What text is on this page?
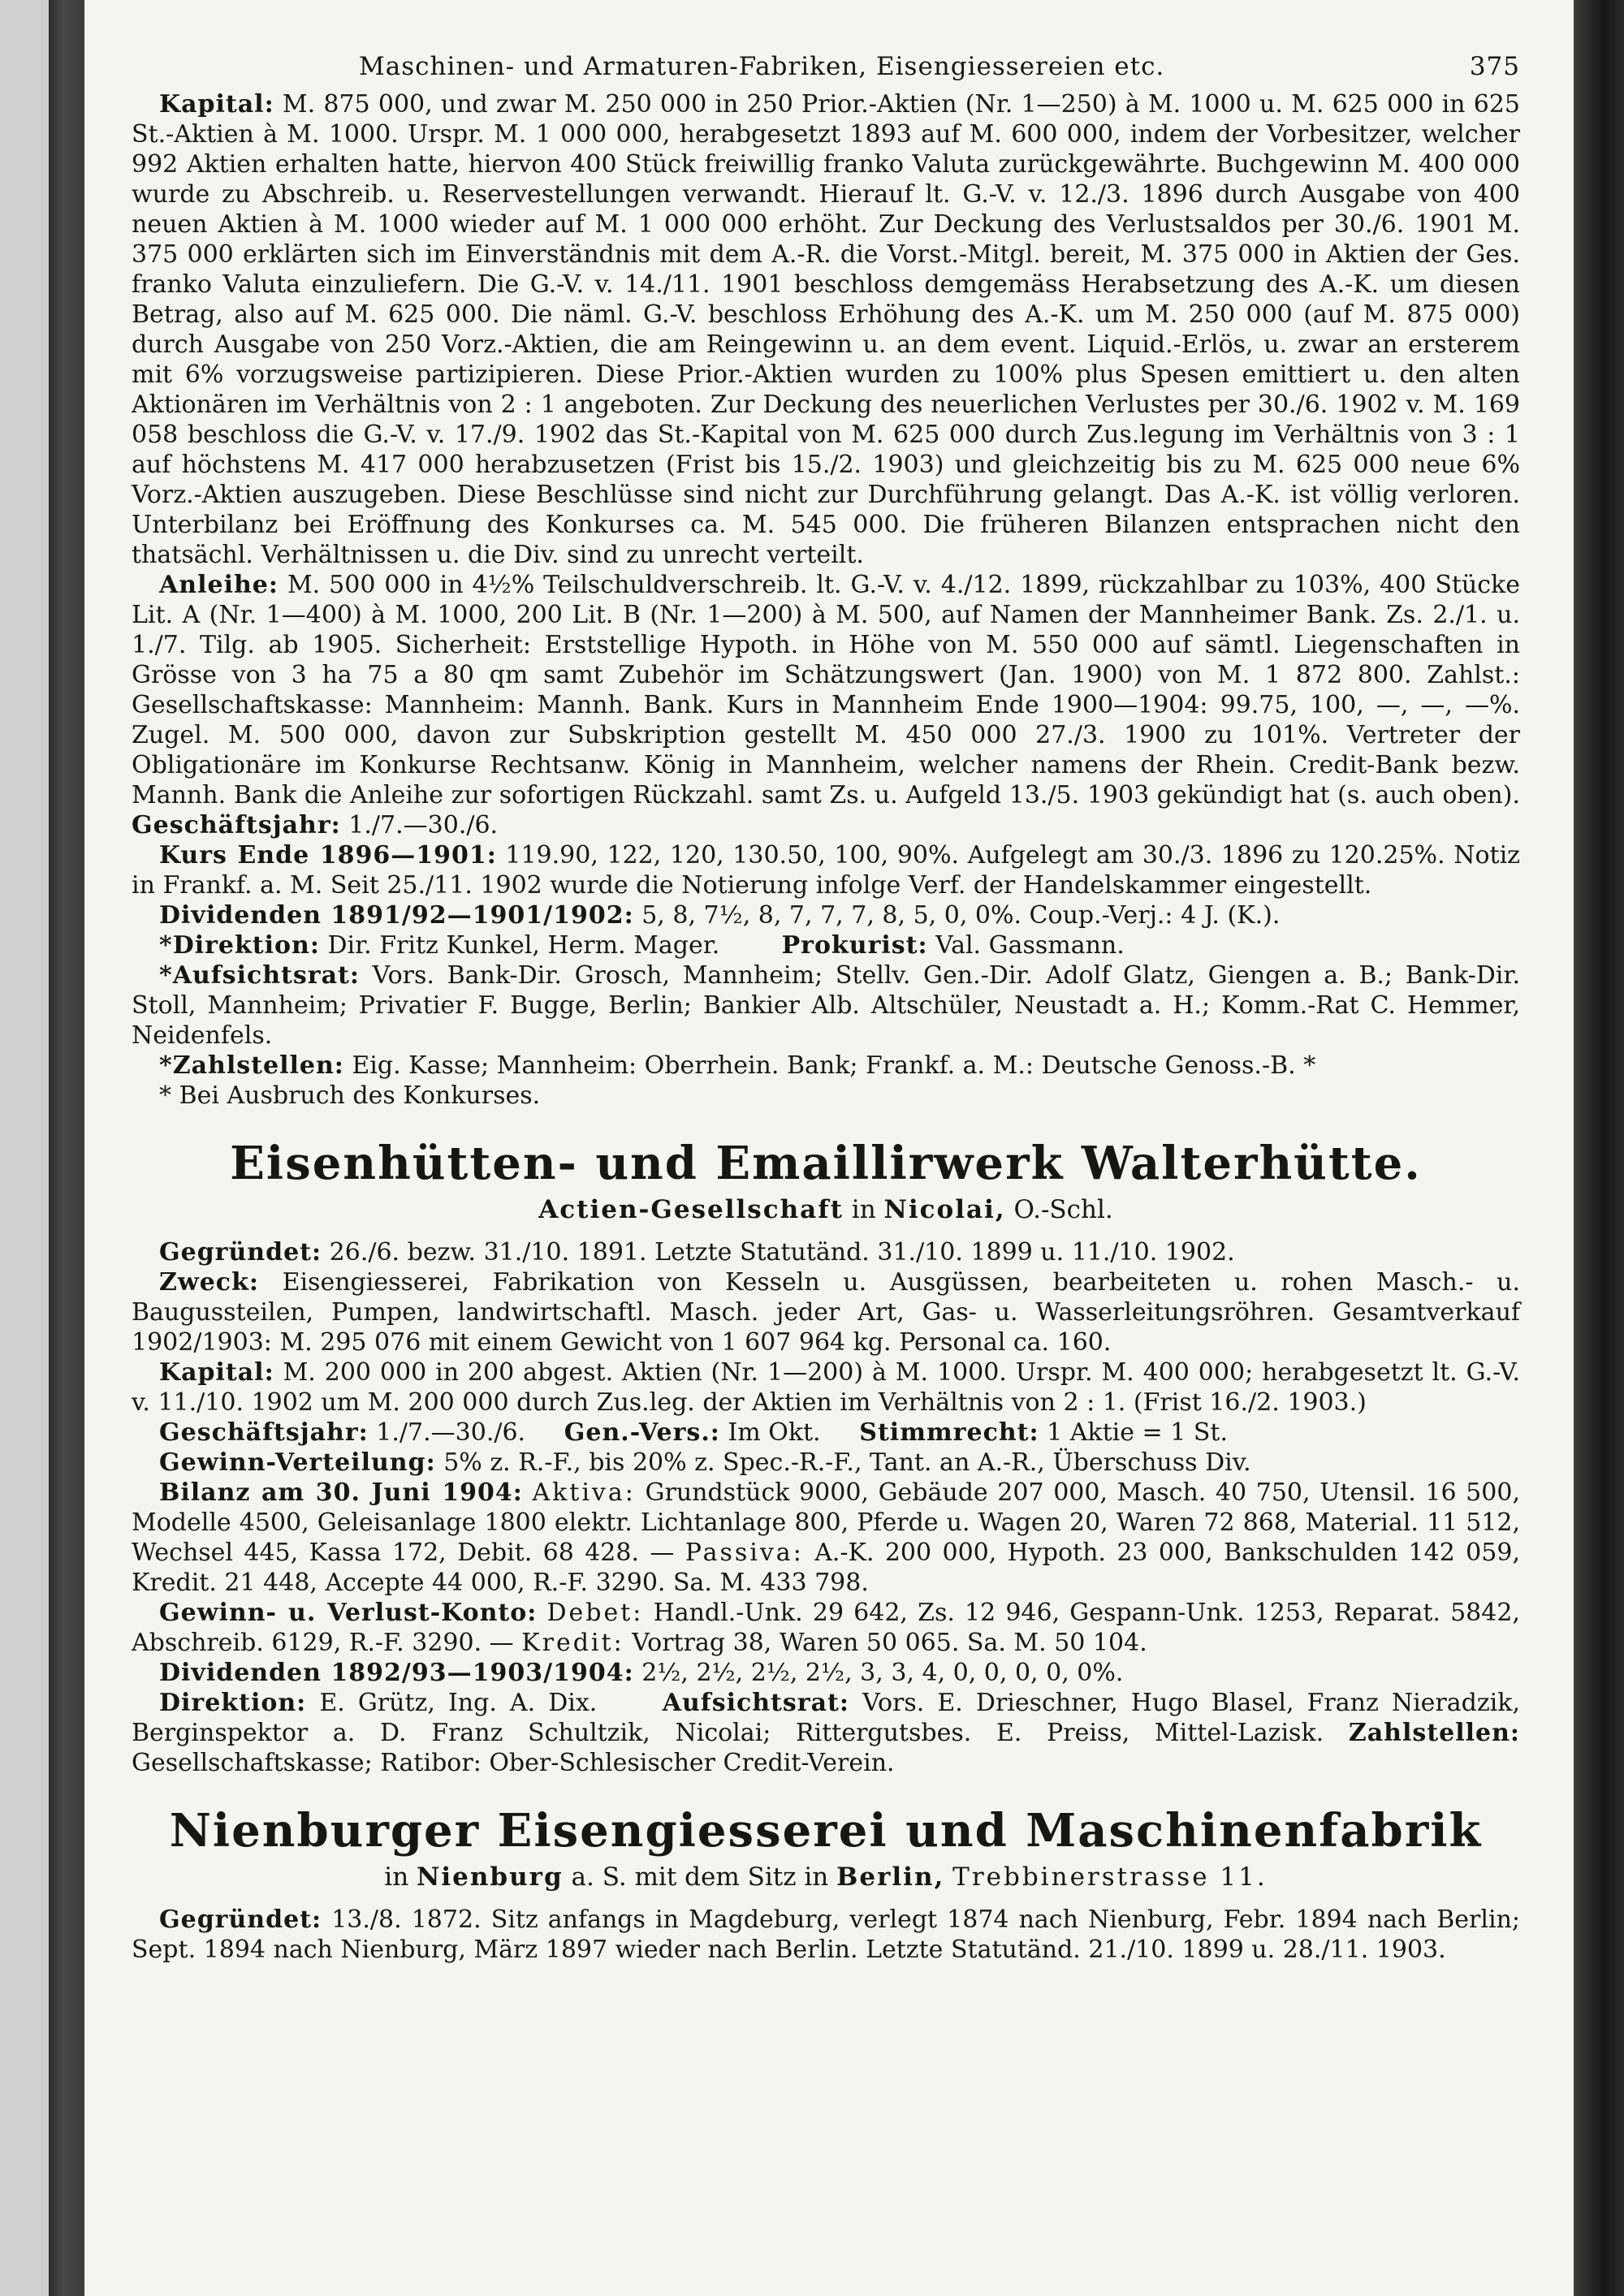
Maschinen- und Armaturen-Fabriken, Eisengiessereien etc.	375

Kapital: M. 875 000, und zwar M. 250 000 in 250 Prior.-Aktien (Nr. 1—250) à M. 1000 u. M. 625 000 in 625 St.-Aktien à M. 1000. Urspr. M. 1 000 000, herabgesetzt 1893 auf M. 600 000, indem der Vorbesitzer, welcher 992 Aktien erhalten hatte, hiervon 400 Stück freiwillig franko Valuta zurückgewährte. Buchgewinn M. 400 000 wurde zu Abschreib. u. Reservestellungen verwandt. Hierauf lt. G.-V. v. 12./3. 1896 durch Ausgabe von 400 neuen Aktien à M. 1000 wieder auf M. 1 000 000 erhöht. Zur Deckung des Verlustsaldos per 30./6. 1901 M. 375 000 erklärten sich im Einverständnis mit dem A.-R. die Vorst.-Mitgl. bereit, M. 375 000 in Aktien der Ges. franko Valuta einzuliefern. Die G.-V. v. 14./11. 1901 beschloss demgemäss Herabsetzung des A.-K. um diesen Betrag, also auf M. 625 000. Die näml. G.-V. beschloss Erhöhung des A.-K. um M. 250 000 (auf M. 875 000) durch Ausgabe von 250 Vorz.-Aktien, die am Reingewinn u. an dem event. Liquid.-Erlös, u. zwar an ersterem mit 6% vorzugsweise partizipieren. Diese Prior.-Aktien wurden zu 100% plus Spesen emittiert u. den alten Aktionären im Verhältnis von 2 : 1 angeboten. Zur Deckung des neuerlichen Verlustes per 30./6. 1902 v. M. 169 058 beschloss die G.-V. v. 17./9. 1902 das St.-Kapital von M. 625 000 durch Zus.legung im Verhältnis von 3 : 1 auf höchstens M. 417 000 herabzusetzen (Frist bis 15./2. 1903) und gleichzeitig bis zu M. 625 000 neue 6% Vorz.-Aktien auszugeben. Diese Beschlüsse sind nicht zur Durchführung gelangt. Das A.-K. ist völlig verloren. Unterbilanz bei Eröffnung des Konkurses ca. M. 545 000. Die früheren Bilanzen entsprachen nicht den thatsächl. Verhältnissen u. die Div. sind zu unrecht verteilt.

Anleihe: M. 500 000 in 4½% Teilschuldverschreib. lt. G.-V. v. 4./12. 1899, rückzahlbar zu 103%, 400 Stücke Lit. A (Nr. 1—400) à M. 1000, 200 Lit. B (Nr. 1—200) à M. 500, auf Namen der Mannheimer Bank. Zs. 2./1. u. 1./7. Tilg. ab 1905. Sicherheit: Erststellige Hypoth. in Höhe von M. 550 000 auf sämtl. Liegenschaften in Grösse von 3 ha 75 a 80 qm samt Zubehör im Schätzungswert (Jan. 1900) von M. 1 872 800. Zahlst.: Gesellschaftskasse: Mannheim: Mannh. Bank. Kurs in Mannheim Ende 1900—1904: 99.75, 100, —, —, —%. Zugel. M. 500 000, davon zur Subskription gestellt M. 450 000 27./3. 1900 zu 101%. Vertreter der Obligationäre im Konkurse Rechtsanw. König in Mannheim, welcher namens der Rhein. Credit-Bank bezw. Mannh. Bank die Anleihe zur sofortigen Rückzahl. samt Zs. u. Aufgeld 13./5. 1903 gekündigt hat (s. auch oben). Geschäftsjahr: 1./7.—30./6.

Kurs Ende 1896—1901: 119.90, 122, 120, 130.50, 100, 90%. Aufgelegt am 30./3. 1896 zu 120.25%. Notiz in Frankf. a. M. Seit 25./11. 1902 wurde die Notierung infolge Verf. der Handelskammer eingestellt.

Dividenden 1891/92—1901/1902: 5, 8, 7½, 8, 7, 7, 7, 8, 5, 0, 0%. Coup.-Verj.: 4 J. (K.).

*Direktion: Dir. Fritz Kunkel, Herm. Mager.	Prokurist: Val. Gassmann.

*Aufsichtsrat: Vors. Bank-Dir. Grosch, Mannheim; Stellv. Gen.-Dir. Adolf Glatz, Giengen a. B.; Bank-Dir. Stoll, Mannheim; Privatier F. Bugge, Berlin; Bankier Alb. Altschüler, Neustadt a. H.; Komm.-Rat C. Hemmer, Neidenfels.

*Zahlstellen: Eig. Kasse; Mannheim: Oberrhein. Bank; Frankf. a. M.: Deutsche Genoss.-B. *

* Bei Ausbruch des Konkurses.

Eisenhütten- und Emaillirwerk Walterhütte.
Actien-Gesellschaft in Nicolai, O.-Schl.

Gegründet: 26./6. bezw. 31./10. 1891. Letzte Statutänd. 31./10. 1899 u. 11./10. 1902.

Zweck: Eisengiesserei, Fabrikation von Kesseln u. Ausgüssen, bearbeiteten u. rohen Masch.- u. Baugussteilen, Pumpen, landwirtschaftl. Masch. jeder Art, Gas- u. Wasserleitungsröhren. Gesamtverkauf 1902/1903: M. 295 076 mit einem Gewicht von 1 607 964 kg. Personal ca. 160.

Kapital: M. 200 000 in 200 abgest. Aktien (Nr. 1—200) à M. 1000. Urspr. M. 400 000; herabgesetzt lt. G.-V. v. 11./10. 1902 um M. 200 000 durch Zus.leg. der Aktien im Verhältnis von 2 : 1. (Frist 16./2. 1903.)

Geschäftsjahr: 1./7.—30./6. Gen.-Vers.: Im Okt. Stimmrecht: 1 Aktie = 1 St.

Gewinn-Verteilung: 5% z. R.-F., bis 20% z. Spec.-R.-F., Tant. an A.-R., Überschuss Div.

Bilanz am 30. Juni 1904: Aktiva: Grundstück 9000, Gebäude 207 000, Masch. 40 750, Utensil. 16 500, Modelle 4500, Geleisanlage 1800 elektr. Lichtanlage 800, Pferde u. Wagen 20, Waren 72 868, Material. 11 512, Wechsel 445, Kassa 172, Debit. 68 428. — Passiva: A.-K. 200 000, Hypoth. 23 000, Bankschulden 142 059, Kredit. 21 448, Accepte 44 000, R.-F. 3290. Sa. M. 433 798.

Gewinn- u. Verlust-Konto: Debet: Handl.-Unk. 29 642, Zs. 12 946, Gespann-Unk. 1253, Reparat. 5842, Abschreib. 6129, R.-F. 3290. — Kredit: Vortrag 38, Waren 50 065. Sa. M. 50 104.

Dividenden 1892/93—1903/1904: 2½, 2½, 2½, 2½, 3, 3, 4, 0, 0, 0, 0, 0%.

Direktion: E. Grütz, Ing. A. Dix.	Aufsichtsrat: Vors. E. Drieschner, Hugo Blasel, Franz Nieradzik, Berginspektor a. D. Franz Schultzik, Nicolai; Rittergutsbes. E. Preiss, Mittel-Lazisk. Zahlstellen: Gesellschaftskasse; Ratibor: Ober-Schlesischer Credit-Verein.

Nienburger Eisengiesserei und Maschinenfabrik
in Nienburg a. S. mit dem Sitz in Berlin, Trebbinerstrasse 11.

Gegründet: 13./8. 1872. Sitz anfangs in Magdeburg, verlegt 1874 nach Nienburg, Febr. 1894 nach Berlin; Sept. 1894 nach Nienburg, März 1897 wieder nach Berlin. Letzte Statutänd. 21./10. 1899 u. 28./11. 1903.
